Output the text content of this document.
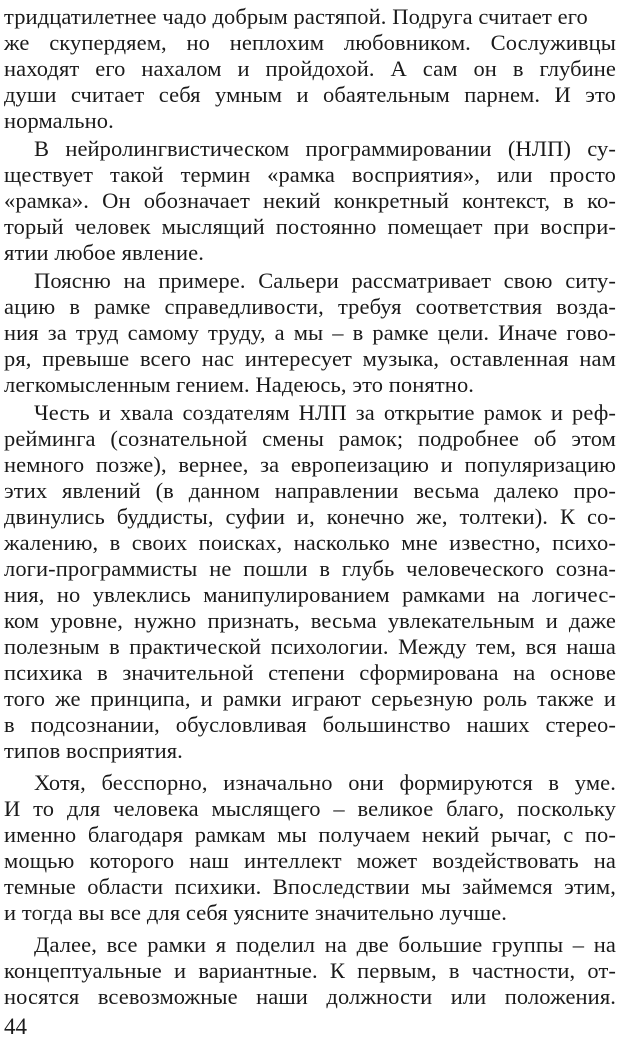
тридцатилетнее чадо добрым растяпой. Подруга считает его
же скупердяем, но неплохим любовником. Сослуживцы
находят его нахалом и пройдохой. А сам он в глубине
души считает себя умным и обаятельным парнем. И это
нормально.
В нейролингвистическом программировании (НЛП) су-
ществует такой термин «рамка восприятия», или просто
«рамка». Он обозначает некий конкретный контекст, в ко-
торый человек мыслящий постоянно помещает при воспри-
ятии любое явление.
Поясню на примере. Сальери рассматривает свою ситу-
ацию в рамке справедливости, требуя соответствия возда-
ния за труд самому труду, а мы – в рамке цели. Иначе гово-
ря, превыше всего нас интересует музыка, оставленная нам
легкомысленным гением. Надеюсь, это понятно.
Честь и хвала создателям НЛП за открытие рамок и реф-
рейминга (сознательной смены рамок; подробнее об этом
немного позже), вернее, за европеизацию и популяризацию
этих явлений (в данном направлении весьма далеко про-
двинулись буддисты, суфии и, конечно же, толтеки). К со-
жалению, в своих поисках, насколько мне известно, психо-
логи-программисты не пошли в глубь человеческого созна-
ния, но увлеклись манипулированием рамками на логичес-
ком уровне, нужно признать, весьма увлекательным и даже
полезным в практической психологии. Между тем, вся наша
психика в значительной степени сформирована на основе
того же принципа, и рамки играют серьезную роль также и
в подсознании, обусловливая большинство наших стерео-
типов восприятия.
Хотя, бесспорно, изначально они формируются в уме.
И то для человека мыслящего – великое благо, поскольку
именно благодаря рамкам мы получаем некий рычаг, с по-
мощью которого наш интеллект может воздействовать на
темные области психики. Впоследствии мы займемся этим,
и тогда вы все для себя уясните значительно лучше.
Далее, все рамки я поделил на две большие группы – на
концептуальные и вариантные. К первым, в частности, от-
носятся всевозможные наши должности или положения.
44
